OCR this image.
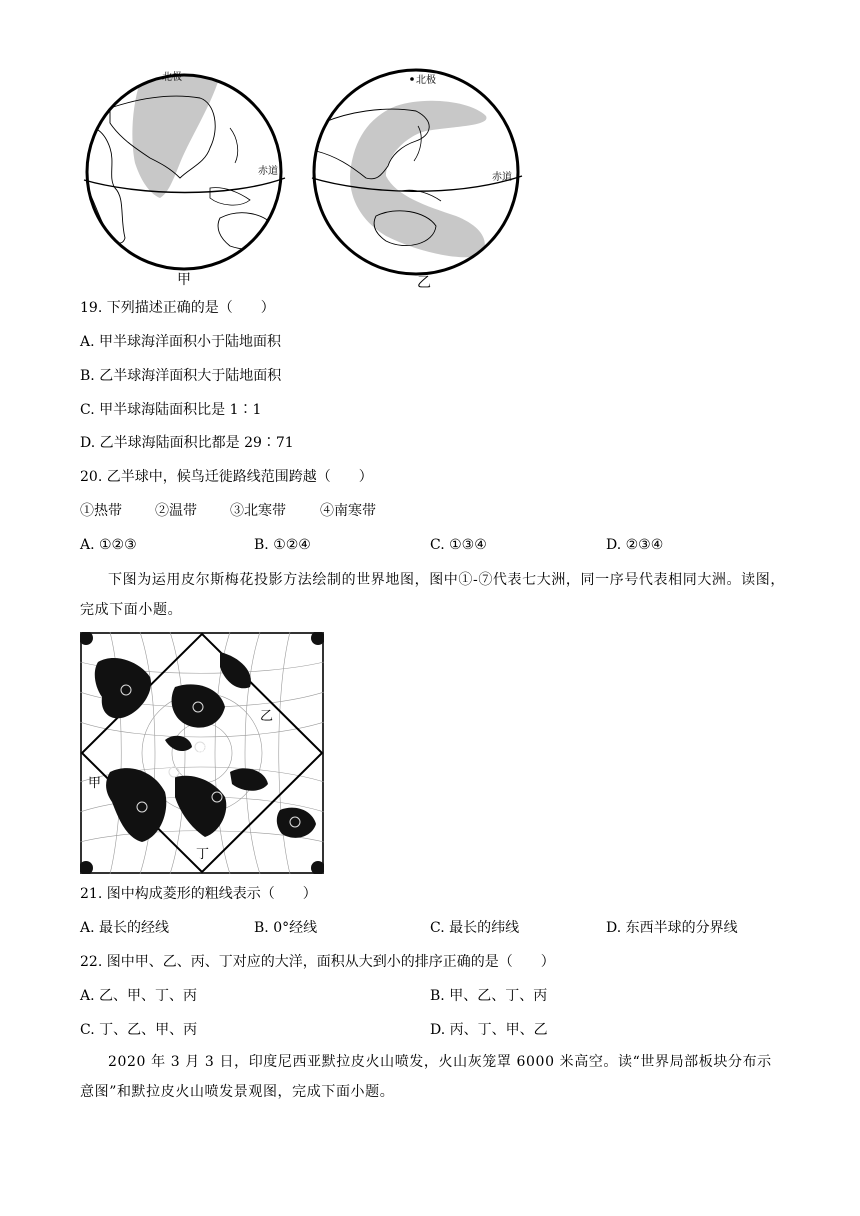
北极
赤道
甲
北极
赤道
乙
19. 下列描述正确的是（　　）
A. 甲半球海洋面积小于陆地面积
B. 乙半球海洋面积大于陆地面积
C. 甲半球海陆面积比是 1∶1
D. 乙半球海陆面积比都是 29∶71
20. 乙半球中，候鸟迁徙路线范围跨越（　　）
①热带 ②温带 ③北寒带 ④南寒带
A. ①②③	B. ①②④	C. ①③④	D. ②③④
下图为运用皮尔斯梅花投影方法绘制的世界地图，图中①-⑦代表七大洲，同一序号代表相同大洲。读图，完成下面小题。
甲
乙
丙
丁
21. 图中构成菱形的粗线表示（　　）
A. 最长的经线	B. 0°经线	C. 最长的纬线	D. 东西半球的分界线
22. 图中甲、乙、丙、丁对应的大洋，面积从大到小的排序正确的是（　　）
A. 乙、甲、丁、丙	B. 甲、乙、丁、丙
C. 丁、乙、甲、丙	D. 丙、丁、甲、乙
2020 年 3 月 3 日，印度尼西亚默拉皮火山喷发，火山灰笼罩 6000 米高空。读“世界局部板块分布示意图”和默拉皮火山喷发景观图，完成下面小题。
